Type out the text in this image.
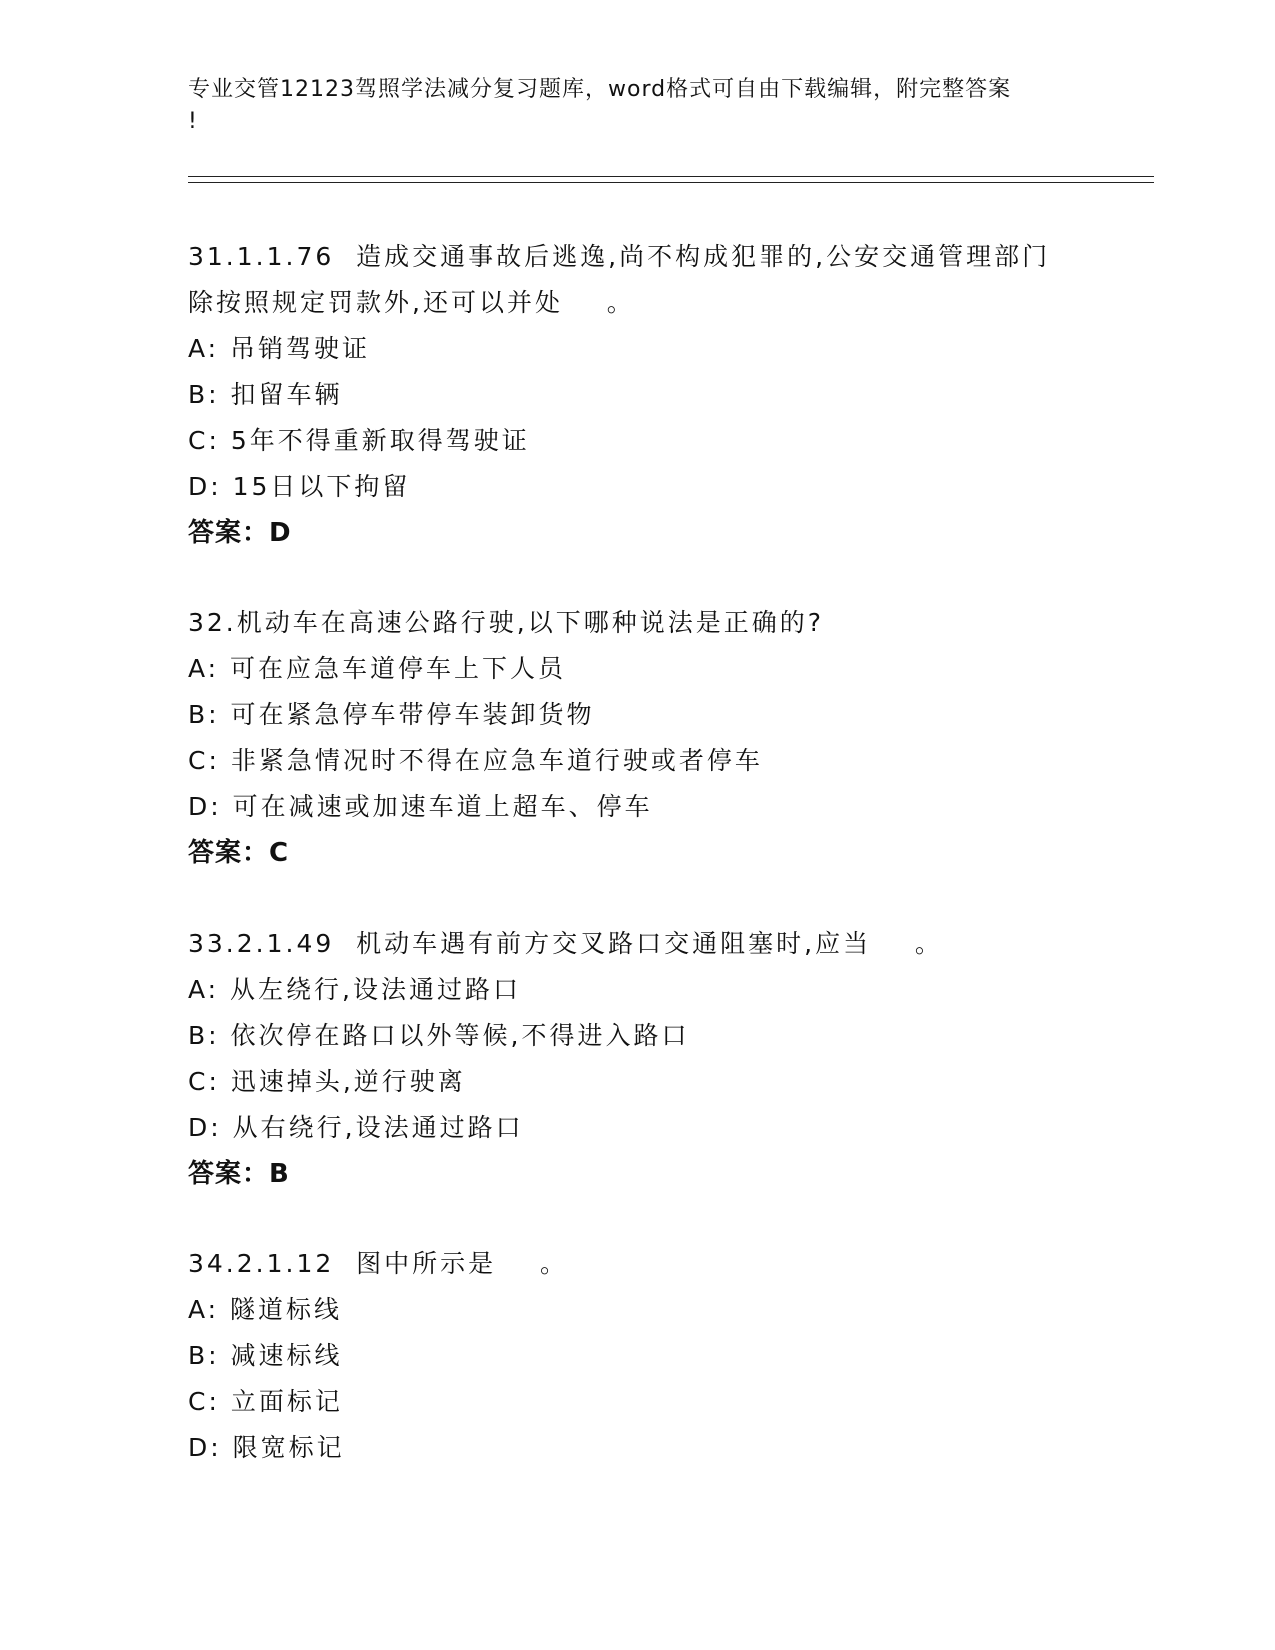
专业交管12123驾照学法减分复习题库，word格式可自由下载编辑，附完整答案
!
31.1.1.76  造成交通事故后逃逸,尚不构成犯罪的,公安交通管理部门
除按照规定罚款外,还可以并处    。
A: 吊销驾驶证
B: 扣留车辆
C: 5年不得重新取得驾驶证
D: 15日以下拘留
答案：D
32.机动车在高速公路行驶,以下哪种说法是正确的?
A: 可在应急车道停车上下人员
B: 可在紧急停车带停车装卸货物
C: 非紧急情况时不得在应急车道行驶或者停车
D: 可在减速或加速车道上超车、停车
答案：C
33.2.1.49  机动车遇有前方交叉路口交通阻塞时,应当    。
A: 从左绕行,设法通过路口
B: 依次停在路口以外等候,不得进入路口
C: 迅速掉头,逆行驶离
D: 从右绕行,设法通过路口
答案：B
34.2.1.12  图中所示是    。
A: 隧道标线
B: 减速标线
C: 立面标记
D: 限宽标记
